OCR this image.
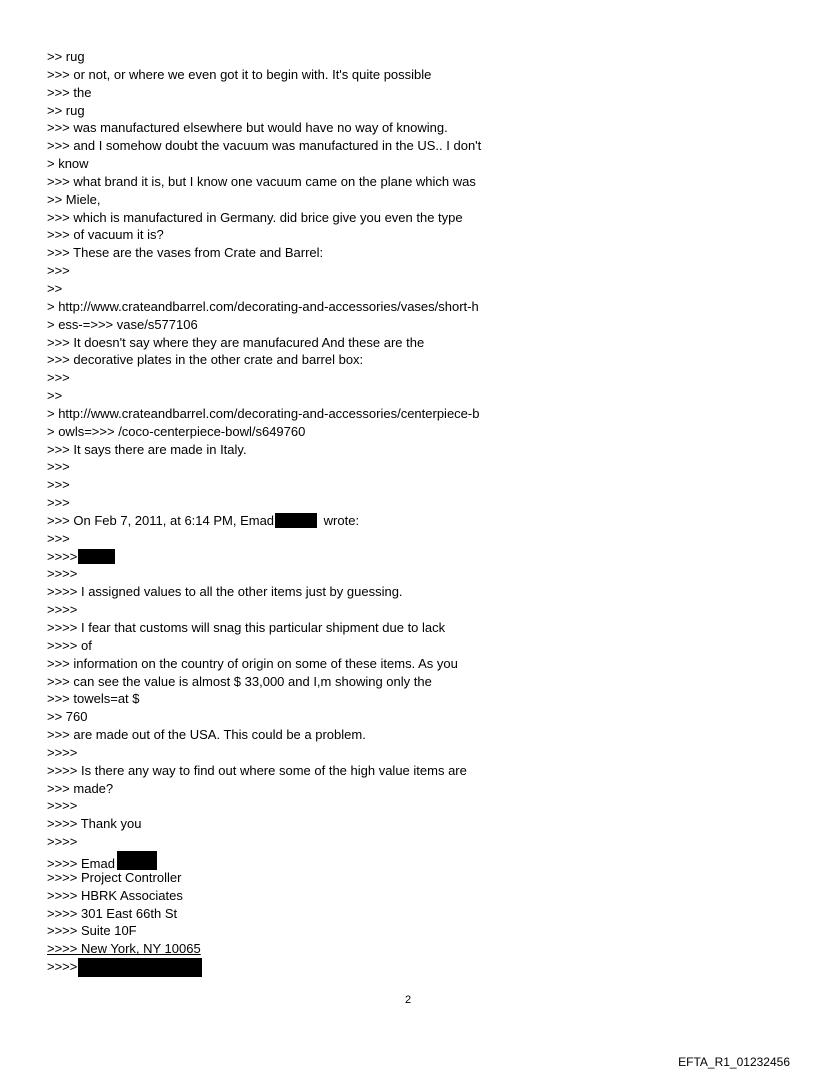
>> rug
>>> or not, or where we even got it to begin with. It's quite possible
>>> the
>> rug
>>> was manufactured elsewhere but would have no way of knowing.
>>> and I somehow doubt the vacuum was manufactured in the US.. I don't
> know
>>> what brand it is, but I know one vacuum came on the plane which was
>> Miele,
>>> which is manufactured in Germany. did brice give you even the type
>>> of vacuum it is?
>>> These are the vases from Crate and Barrel:
>>>
>>
> http://www.crateandbarrel.com/decorating-and-accessories/vases/short-h
> ess-=>>> vase/s577106
>>> It doesn't say where they are manufacured And these are the
>>> decorative plates in the other crate and barrel box:
>>>
>>
> http://www.crateandbarrel.com/decorating-and-accessories/centerpiece-b
> owls=>>> /coco-centerpiece-bowl/s649760
>>> It says there are made in Italy.
>>>
>>>
>>>
>>> On Feb 7, 2011, at 6:14 PM, Emad	wrote:
>>>
>>>>
>>>>
>>>> I assigned values to all the other items just by guessing.
>>>>
>>>> I fear that customs will snag this particular shipment due to lack
>>>> of
>>> information on the country of origin on some of these items. As you
>>> can see the value is almost $ 33,000 and I,m showing only the
>>> towels=at $
>> 760
>>> are made out of the USA. This could be a problem.
>>>>
>>>> Is there any way to find out where some of the high value items are
>>> made?
>>>>
>>>> Thank you
>>>>
>>>> Emad
>>>> Project Controller
>>>> HBRK Associates
>>>> 301 East 66th St
>>>> Suite 10F
>>>> New York, NY 10065
>>>>
2
EFTA_R1_01232456
